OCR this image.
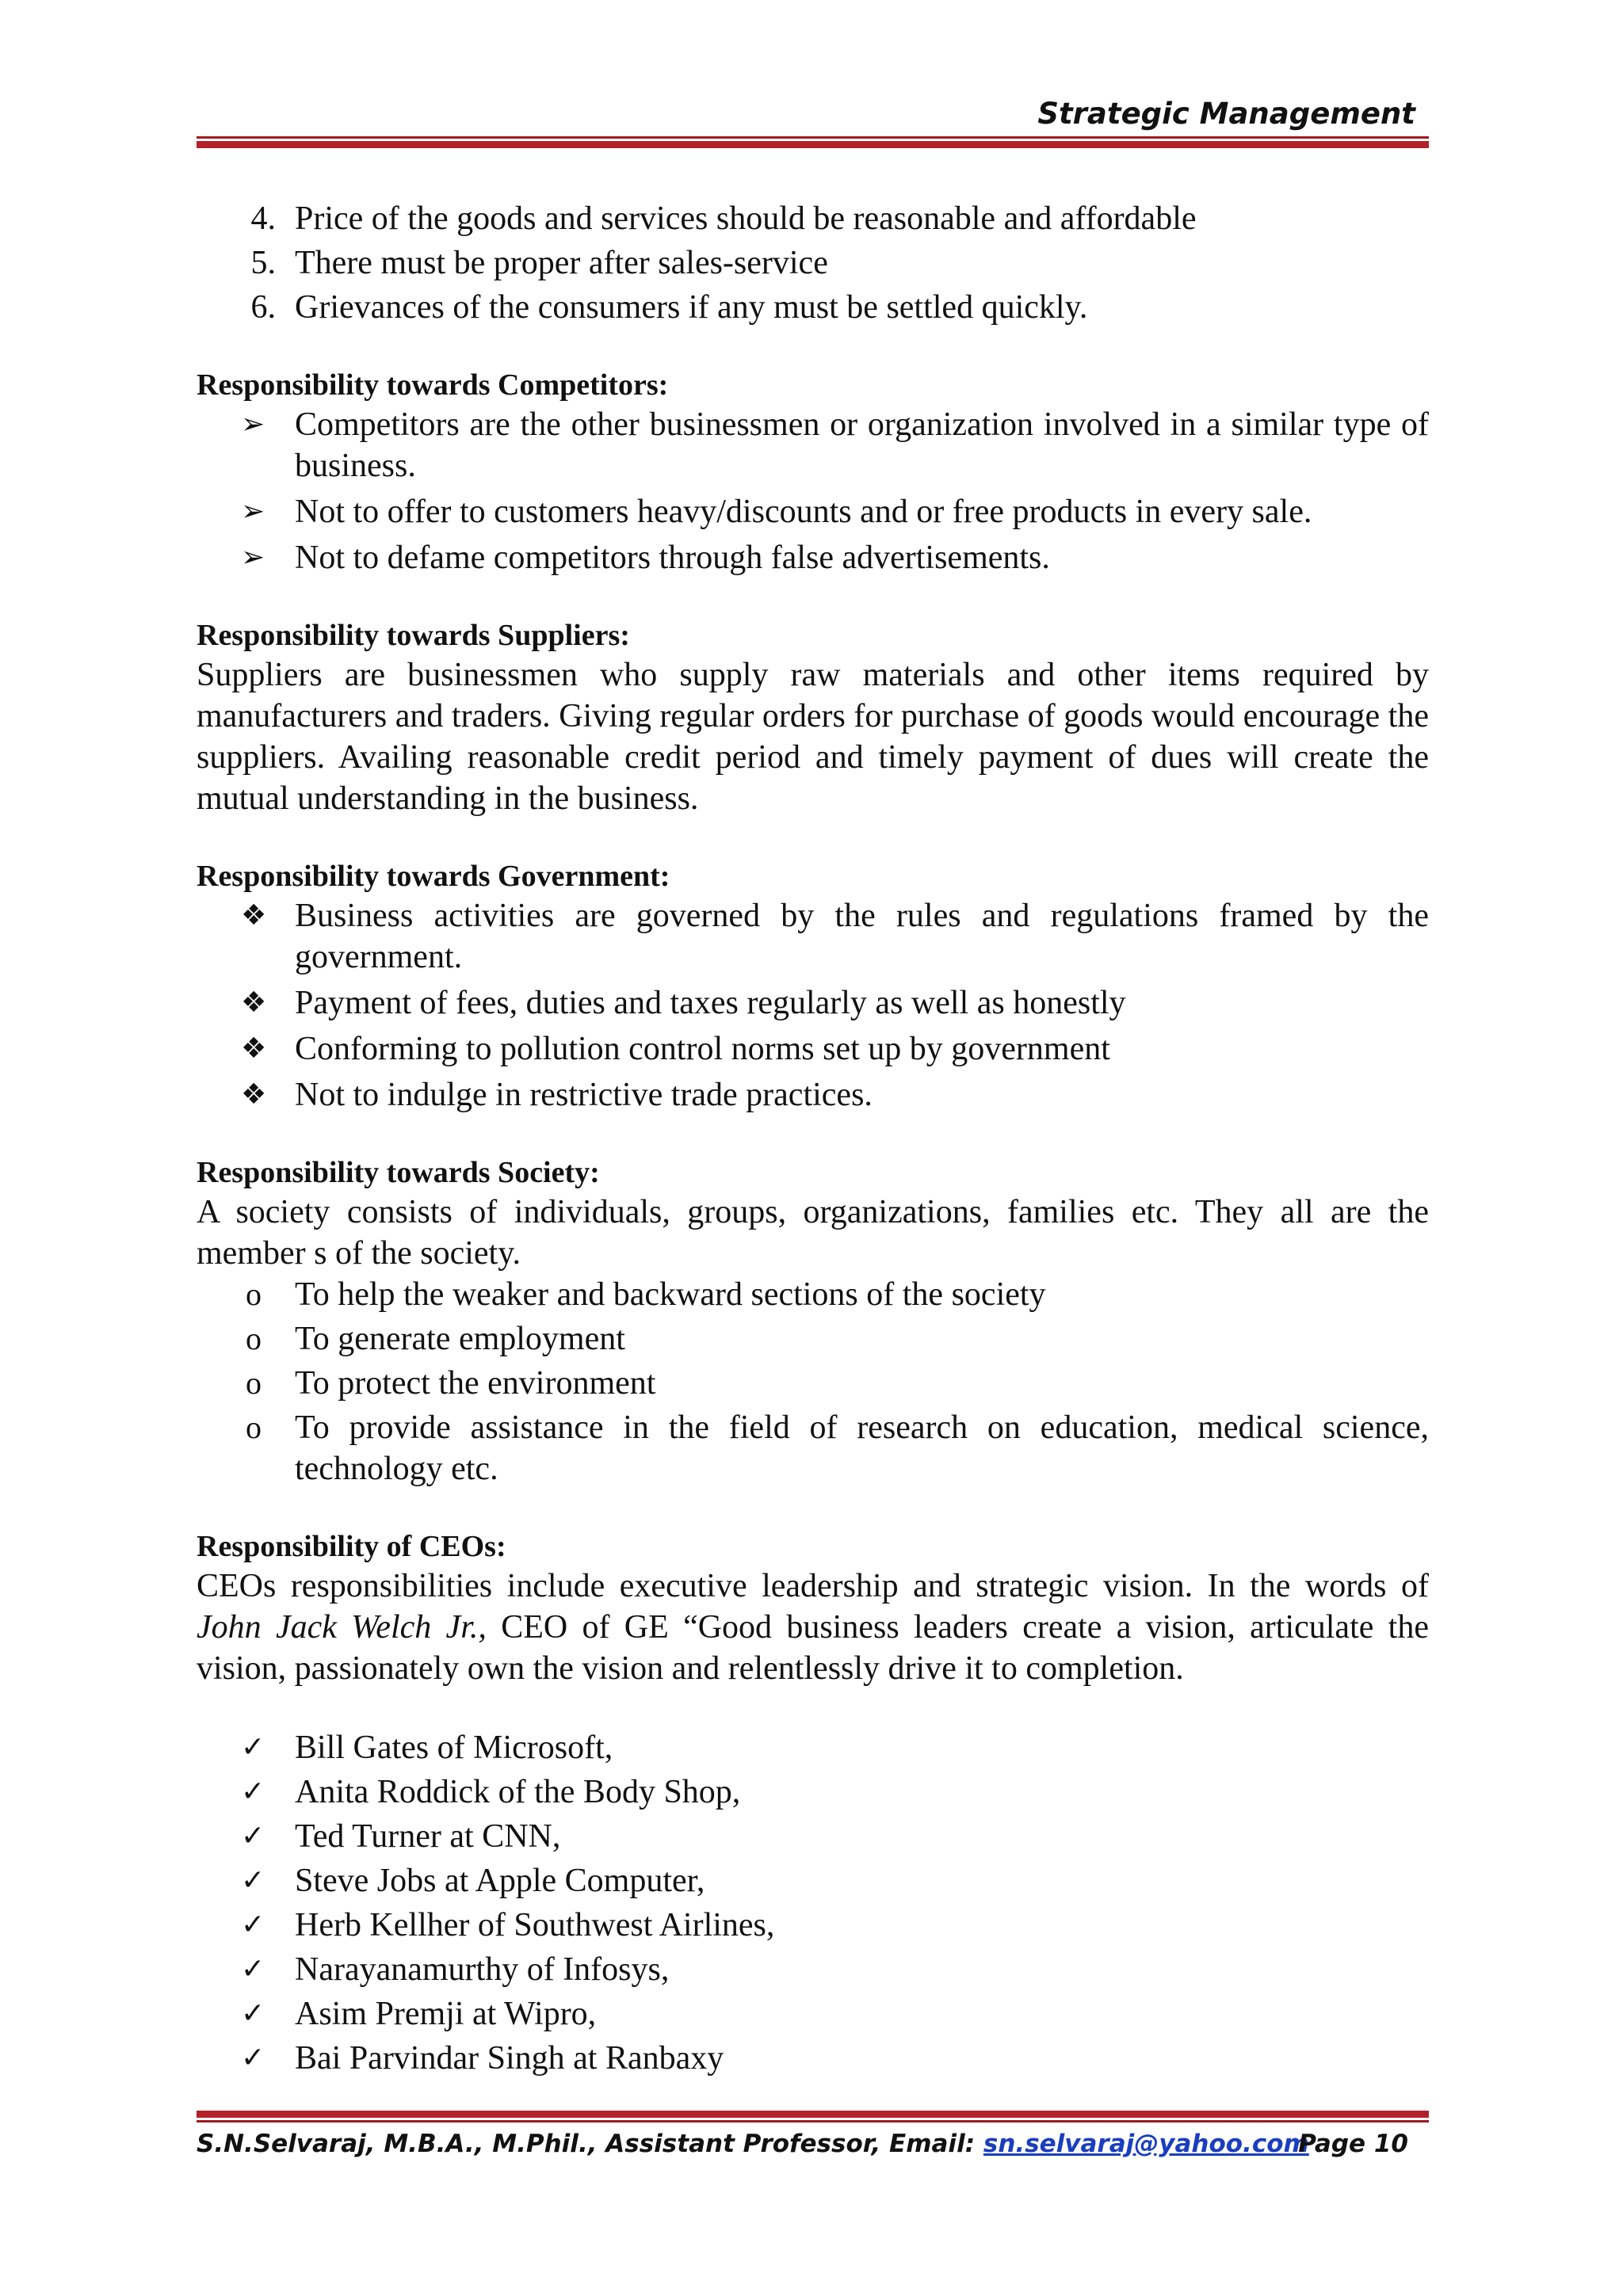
Strategic Management
4. Price of the goods and services should be reasonable and affordable
5. There must be proper after sales-service
6. Grievances of the consumers if any must be settled quickly.

Responsibility towards Competitors:

➢ Competitors are the other businessmen or organization involved in a similar type of business.
➢ Not to offer to customers heavy/discounts and or free products in every sale.
➢ Not to defame competitors through false advertisements.

Responsibility towards Suppliers:

Suppliers are businessmen who supply raw materials and other items required by manufacturers and traders. Giving regular orders for purchase of goods would encourage the suppliers. Availing reasonable credit period and timely payment of dues will create the mutual understanding in the business.

Responsibility towards Government:

❖ Business activities are governed by the rules and regulations framed by the government.
❖ Payment of fees, duties and taxes regularly as well as honestly
❖ Conforming to pollution control norms set up by government
❖ Not to indulge in restrictive trade practices.

Responsibility towards Society:

A society consists of individuals, groups, organizations, families etc. They all are the member s of the society.

o To help the weaker and backward sections of the society
o To generate employment
o To protect the environment
o To provide assistance in the field of research on education, medical science, technology etc.

Responsibility of CEOs:

CEOs responsibilities include executive leadership and strategic vision. In the words of John Jack Welch Jr., CEO of GE “Good business leaders create a vision, articulate the vision, passionately own the vision and relentlessly drive it to completion.

✓ Bill Gates of Microsoft,
✓ Anita Roddick of the Body Shop,
✓ Ted Turner at CNN,
✓ Steve Jobs at Apple Computer,
✓ Herb Kellher of Southwest Airlines,
✓ Narayanamurthy of Infosys,
✓ Asim Premji at Wipro,
✓ Bai Parvindar Singh at Ranbaxy
S.N.Selvaraj, M.B.A., M.Phil., Assistant Professor, Email: sn.selvaraj@yahoo.com
Page 10
